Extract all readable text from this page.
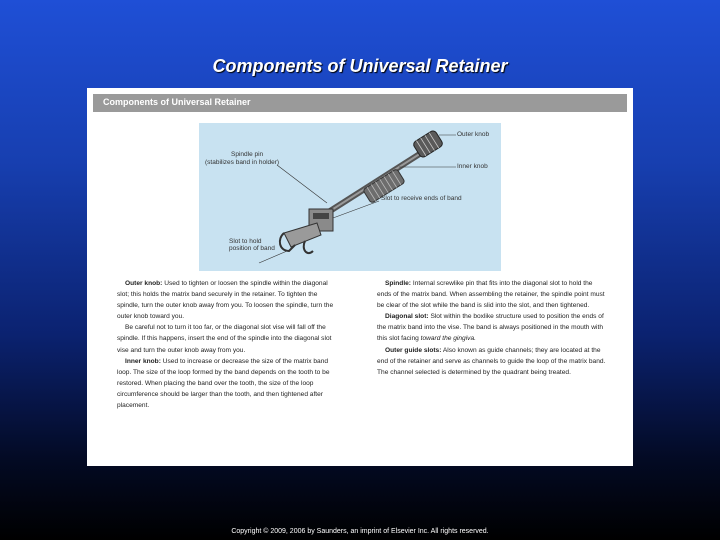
Components of Universal Retainer
Components of Universal Retainer
Outer knob
Inner knob
Spindle pin
(stabilizes band in holder)
Slot to receive ends of band
Slot to hold
position of band

Outer knob: Used to tighten or loosen the spindle within the diagonal slot; this holds the matrix band securely in the retainer. To tighten the spindle, turn the outer knob away from you. To loosen the spindle, turn the outer knob toward you.

Be careful not to turn it too far, or the diagonal slot vise will fall off the spindle. If this happens, insert the end of the spindle into the diagonal slot vise and turn the outer knob away from you.

Inner knob: Used to increase or decrease the size of the matrix band loop. The size of the loop formed by the band depends on the tooth to be restored. When placing the band over the tooth, the size of the loop circumference should be larger than the tooth, and then tightened after placement.

Spindle: Internal screwlike pin that fits into the diagonal slot to hold the ends of the matrix band. When assembling the retainer, the spindle point must be clear of the slot while the band is slid into the slot, and then tightened.

Diagonal slot: Slot within the boxlike structure used to position the ends of the matrix band into the vise. The band is always positioned in the mouth with this slot facing toward the gingiva.

Outer guide slots: Also known as guide channels; they are located at the end of the retainer and serve as channels to guide the loop of the matrix band. The channel selected is determined by the quadrant being treated.

Copyright © 2009, 2006 by Saunders, an imprint of Elsevier Inc. All rights reserved.
